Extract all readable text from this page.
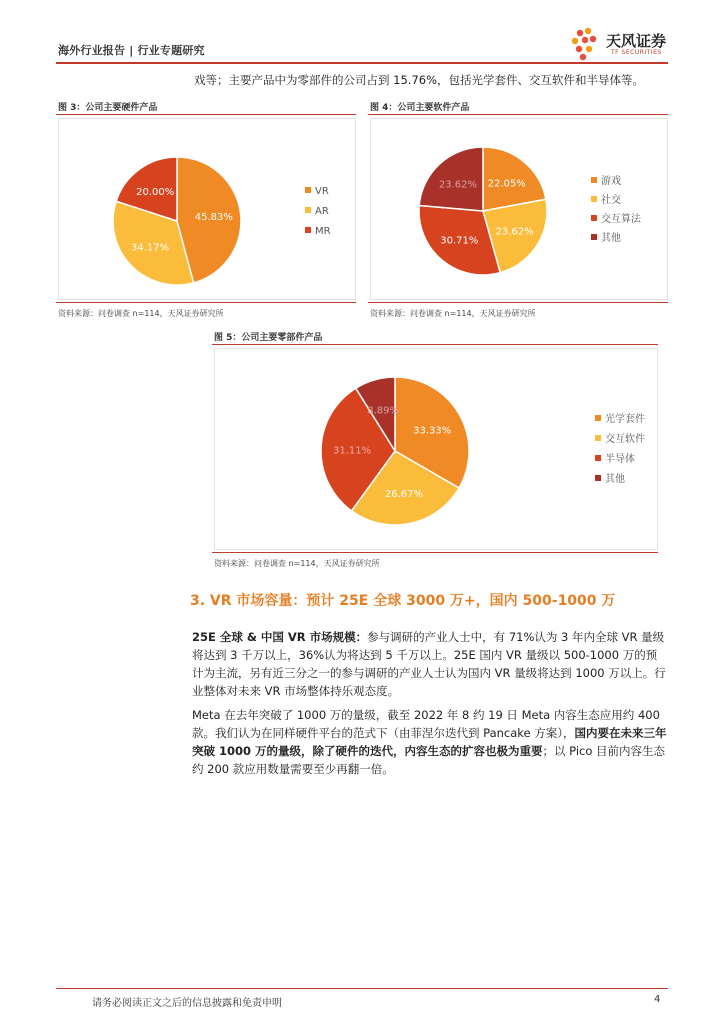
海外行业报告 | 行业专题研究
天风证券
TF SECURITIES
戏等；主要产品中为零部件的公司占到 15.76%，包括光学套件、交互软件和半导体等。
图 3：公司主要硬件产品
45.83%
34.17%
20.00%	VR
AR
MR
资料来源：问卷调查 n=114，天风证券研究所
图 4：公司主要软件产品
22.05%
23.62%
30.71%
23.62%	游戏
社交
交互算法
其他
资料来源：问卷调查 n=114，天风证券研究所
图 5：公司主要零部件产品
33.33%
26.67%
31.11%
8.89%
光学套件
交互软件
半导体
其他
资料来源：问卷调查 n=114，天风证券研究所
3. VR 市场容量：预计 25E 全球 3000 万+，国内 500-1000 万
25E 全球 & 中国 VR 市场规模：参与调研的产业人士中，有 71%认为 3 年内全球 VR 量级将达到 3 千万以上，36%认为将达到 5 千万以上。25E 国内 VR 量级以 500-1000 万的预计为主流，另有近三分之一的参与调研的产业人士认为国内 VR 量级将达到 1000 万以上。行业整体对未来 VR 市场整体持乐观态度。
Meta 在去年突破了 1000 万的量级，截至 2022 年 8 约 19 日 Meta 内容生态应用约 400 款。我们认为在同样硬件平台的范式下（由菲涅尔迭代到 Pancake 方案），国内要在未来三年突破 1000 万的量级，除了硬件的迭代，内容生态的扩容也极为重要；以 Pico 目前内容生态约 200 款应用数量需要至少再翻一倍。
请务必阅读正文之后的信息披露和免责申明	4
